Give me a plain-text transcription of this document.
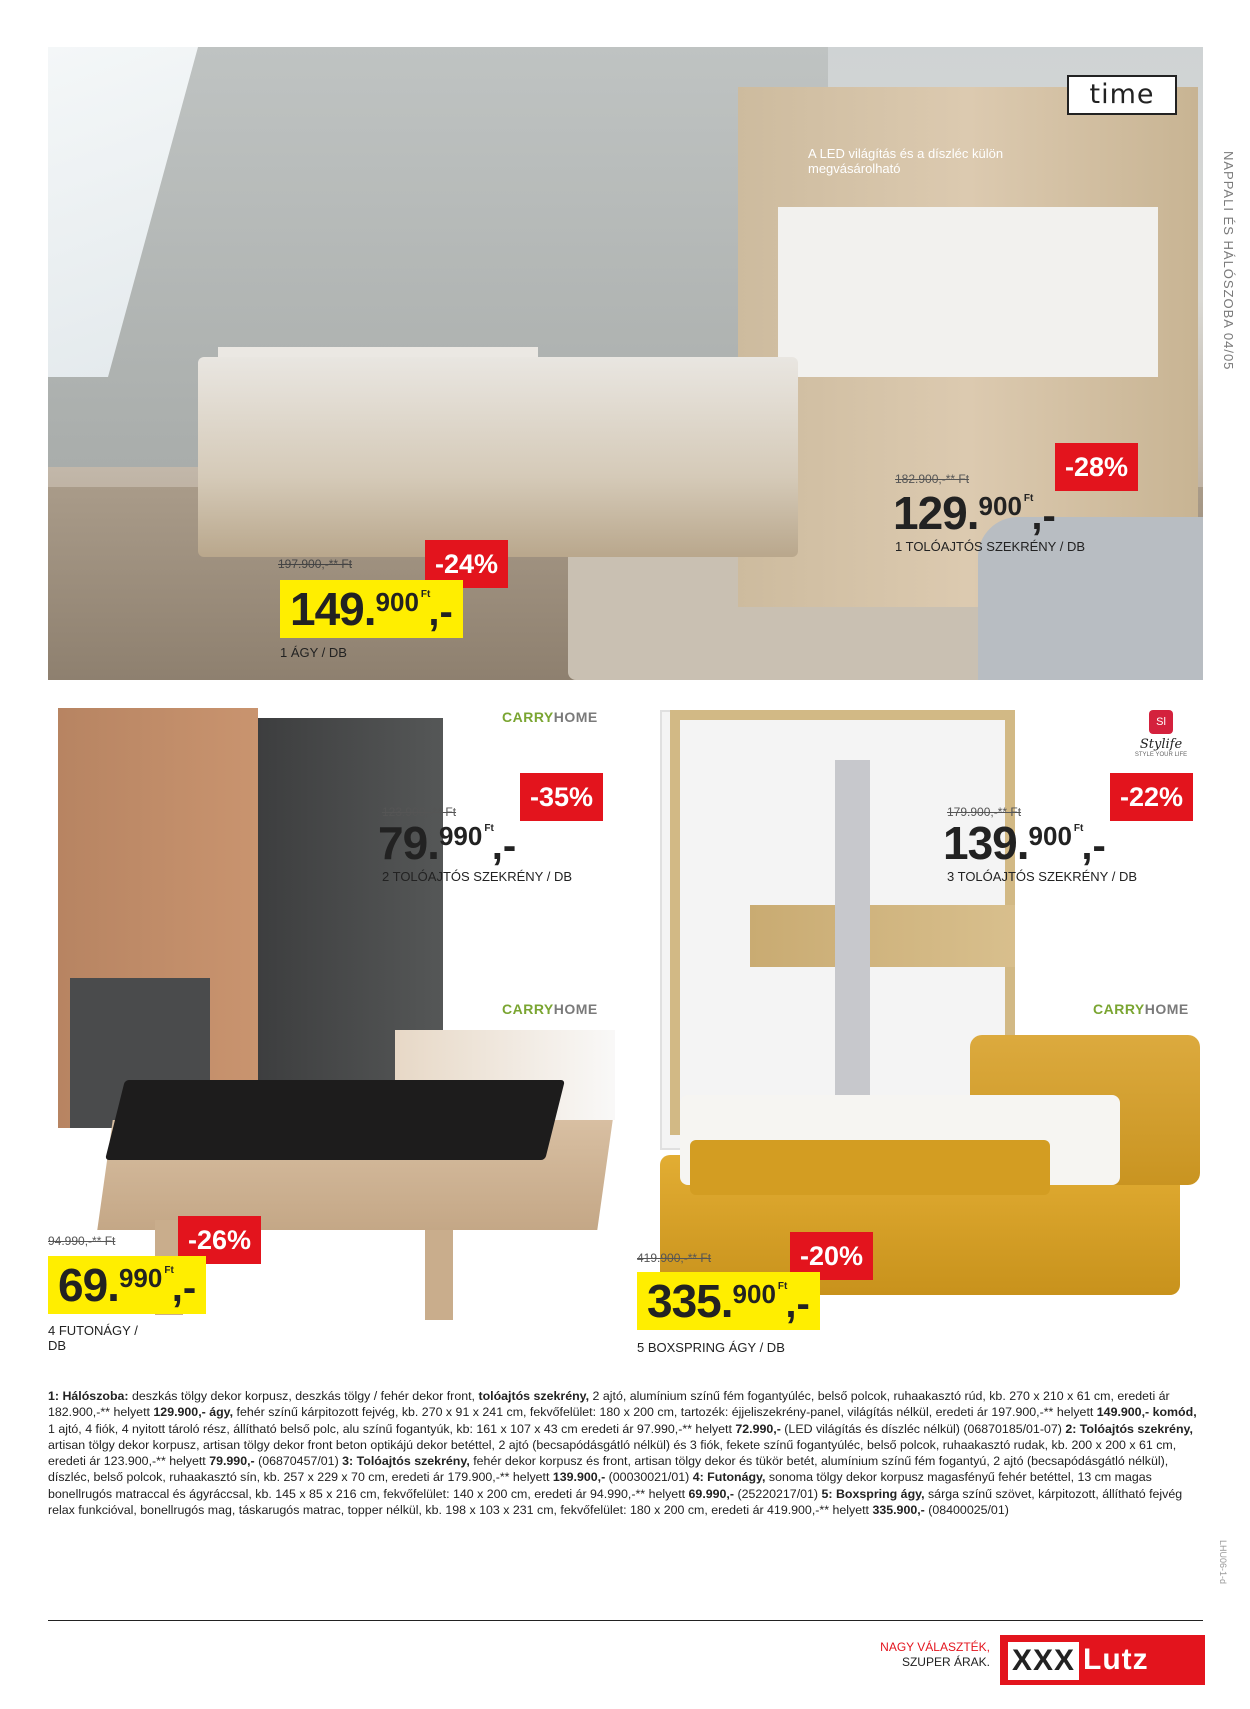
NAPPALI ÉS HÁLÓSZOBA 04/05
time
A LED világítás és a díszléc külön megvásárolható
197.900,-** Ft	-24%
149.900 $^{Ft}$,-
1 ÁGY / DB
182.900,-** Ft	-28%
129.900 $^{Ft}$,-
1 TOLÓAJTÓS SZEKRÉNY / DB
CARRYHOME
123.900,-** Ft	-35%
79.990 $^{Ft}$,-
2 TOLÓAJTÓS SZEKRÉNY / DB
Sl
Stylife
STYLE YOUR LIFE
179.900,-** Ft	-22%
139.900 $^{Ft}$,-
3 TOLÓAJTÓS SZEKRÉNY / DB
CARRYHOME
94.990,-** Ft	-26%
69.990 $^{Ft}$,-
4 FUTONÁGY / DB
CARRYHOME
419.900,-** Ft	-20%
335.900 $^{Ft}$,-
5 BOXSPRING ÁGY / DB
1: Hálószoba: deszkás tölgy dekor korpusz, deszkás tölgy / fehér dekor front, tolóajtós szekrény, 2 ajtó, alumínium színű fém fogantyúléc, belső polcok, ruhaakasztó rúd, kb. 270 x 210 x 61 cm, eredeti ár 182.900,-** helyett 129.900,- ágy, fehér színű kárpitozott fejvég, kb. 270 x 91 x 241 cm, fekvőfelület: 180 x 200 cm, tartozék: éjjeliszekrény-panel, világítás nélkül, eredeti ár 197.900,-** helyett 149.900,- komód, 1 ajtó, 4 fiók, 4 nyitott tároló rész, állítható belső polc, alu színű fogantyúk, kb: 161 x 107 x 43 cm eredeti ár 97.990,-** helyett 72.990,- (LED világítás és díszléc nélkül) (06870185/01-07) 2: Tolóajtós szekrény, artisan tölgy dekor korpusz, artisan tölgy dekor front beton optikájú dekor betéttel, 2 ajtó (becsapódásgátló nélkül) és 3 fiók, fekete színű fogantyúléc, belső polcok, ruhaakasztó rudak, kb. 200 x 200 x 61 cm, eredeti ár 123.900,-** helyett 79.990,- (06870457/01) 3: Tolóajtós szekrény, fehér dekor korpusz és front, artisan tölgy dekor és tükör betét, alumínium színű fém fogantyú, 2 ajtó (becsapódásgátló nélkül), díszléc, belső polcok, ruhaakasztó sín, kb. 257 x 229 x 70 cm, eredeti ár 179.900,-** helyett 139.900,- (00030021/01) 4: Futonágy, sonoma tölgy dekor korpusz magasfényű fehér betéttel, 13 cm magas bonellrugós matraccal és ágyráccsal, kb. 145 x 85 x 216 cm, fekvőfelület: 140 x 200 cm, eredeti ár 94.990,-** helyett 69.990,- (25220217/01) 5: Boxspring ágy, sárga színű szövet, kárpitozott, állítható fejvég relax funkcióval, bonellrugós mag, táskarugós matrac, topper nélkül, kb. 198 x 103 x 231 cm, fekvőfelület: 180 x 200 cm, eredeti ár 419.900,-** helyett 335.900,- (08400025/01)
LHU06-1-d
NAGY VÁLASZTÉK,
SZUPER ÁRAK. XXX Lutz
